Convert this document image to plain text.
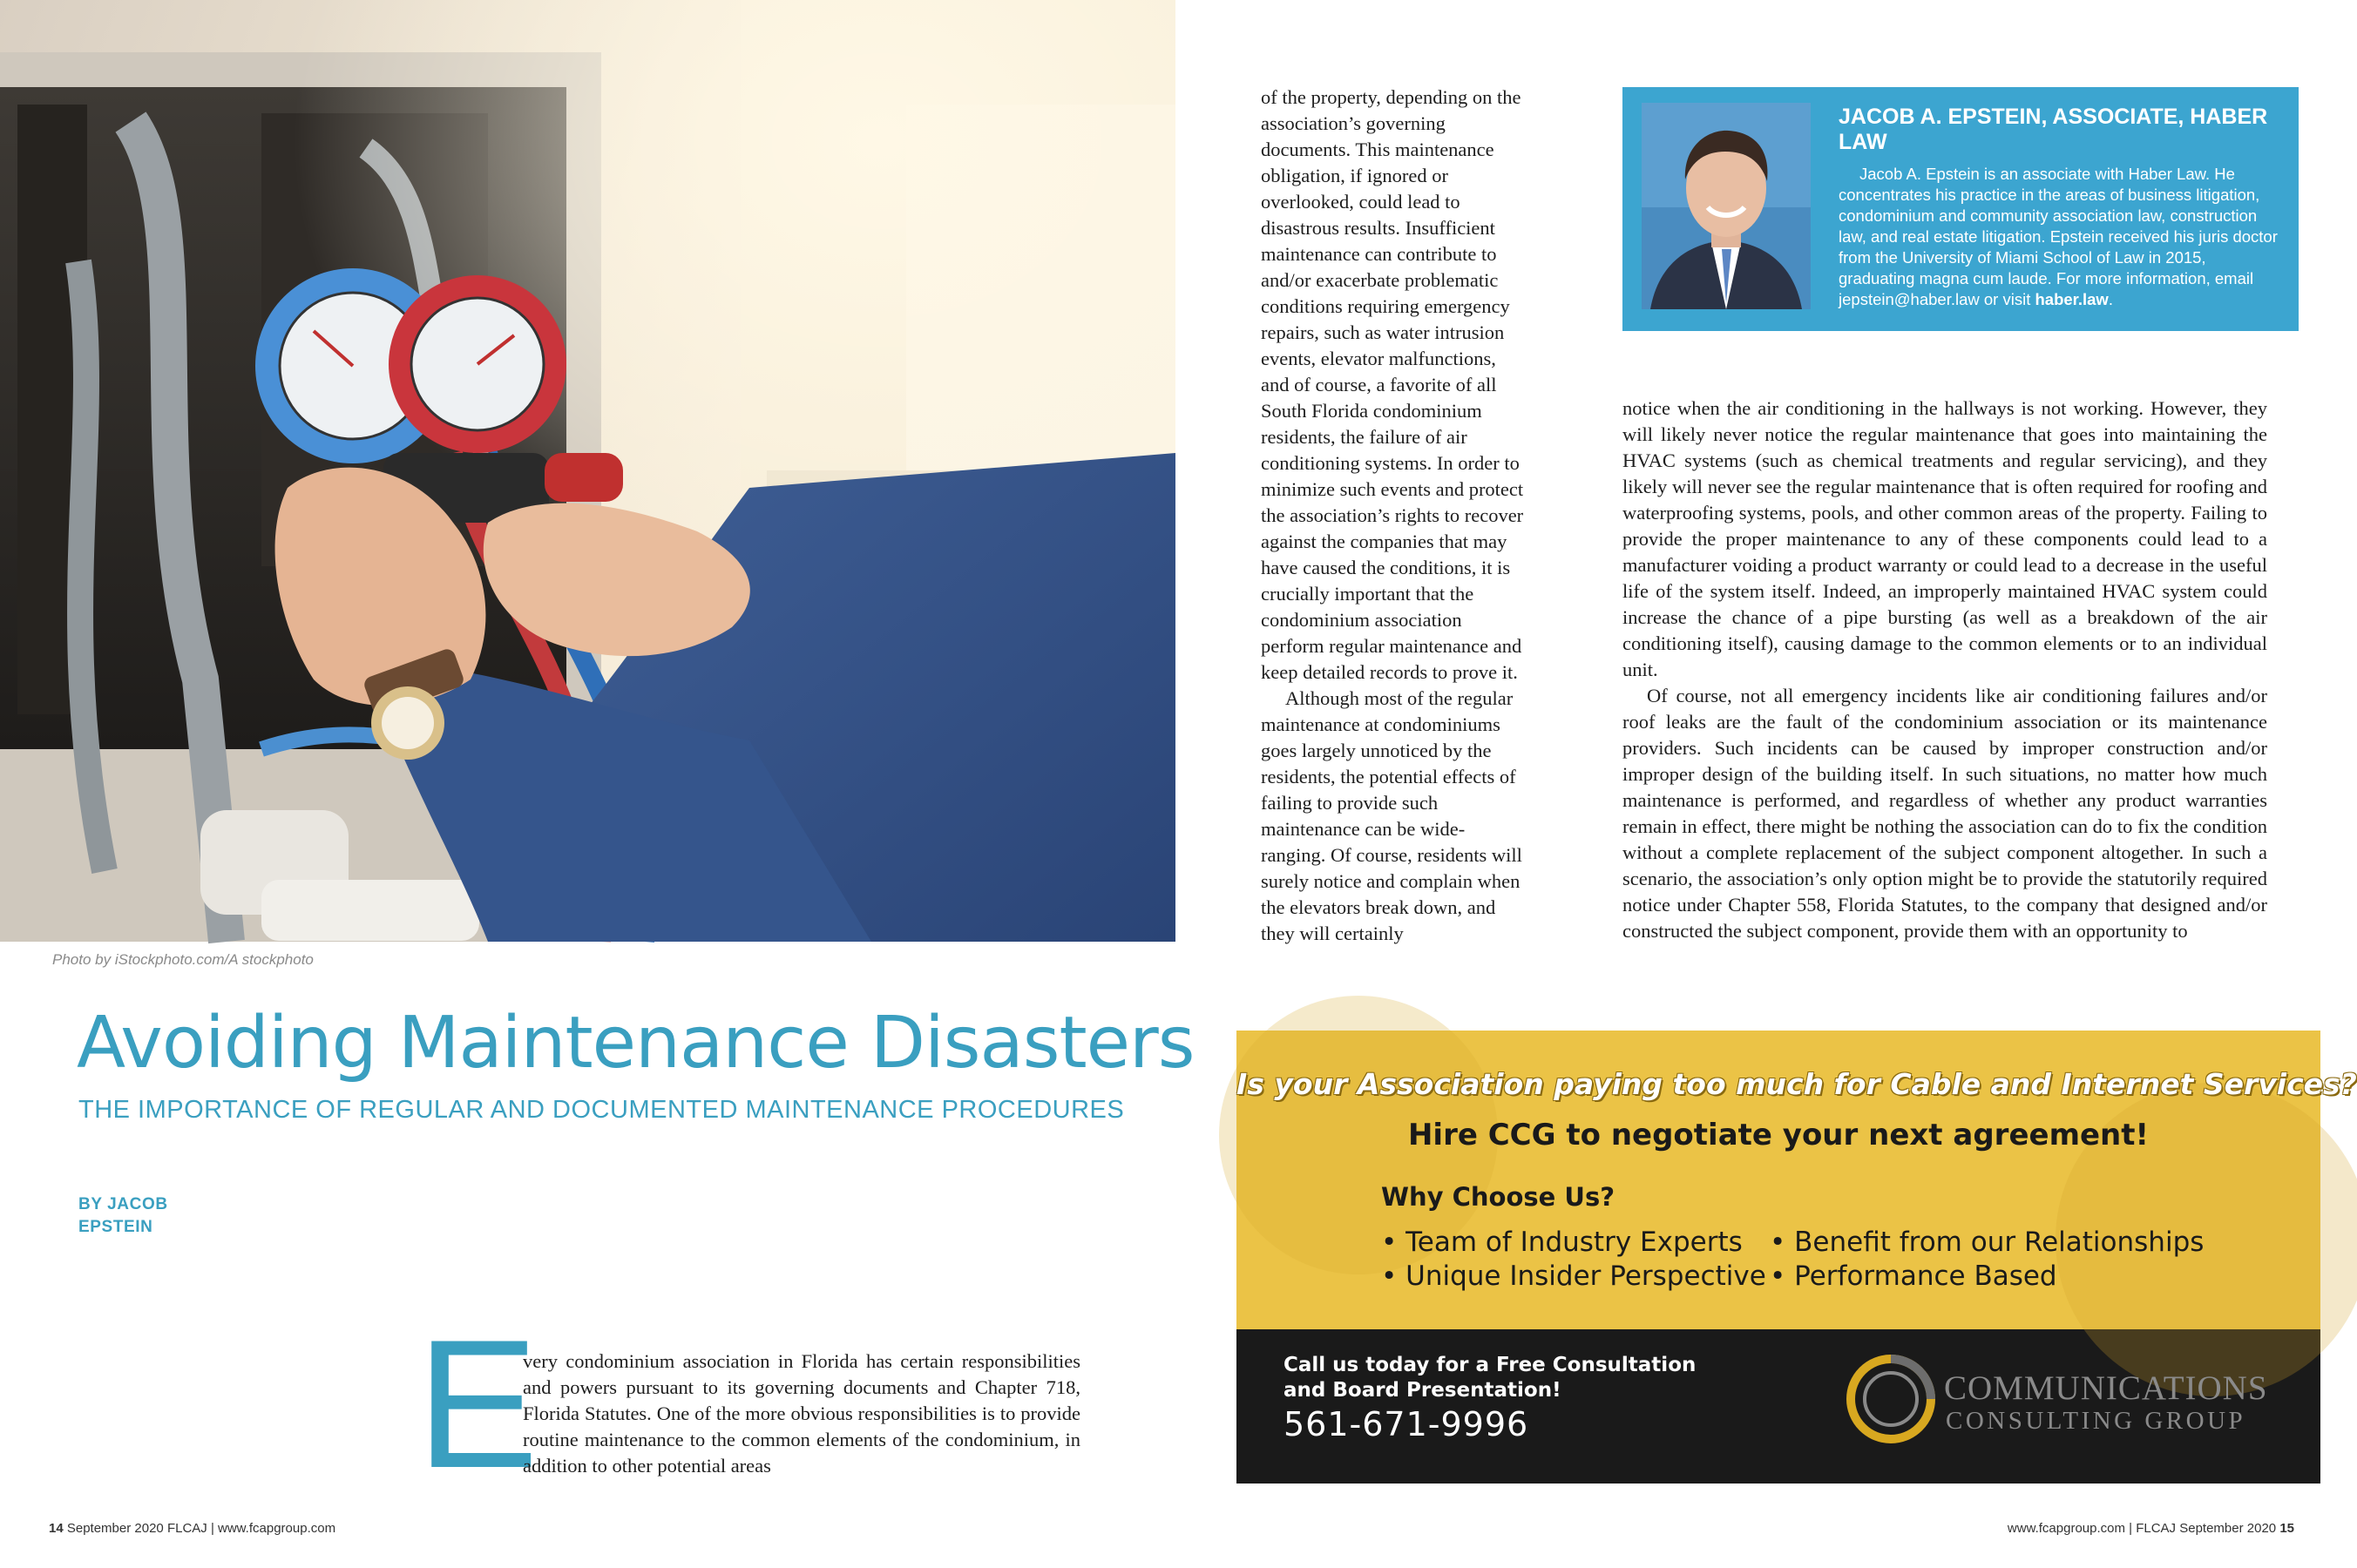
Photo by iStockphoto.com/A stockphoto
Avoiding Maintenance Disasters
THE IMPORTANCE OF REGULAR AND DOCUMENTED MAINTENANCE PROCEDURES
BY JACOB EPSTEIN
E
very condominium association in Florida has certain responsibilities and powers pursuant to its governing documents and Chapter 718, Florida Statutes. One of the more obvious responsibilities is to provide routine maintenance to the common elements of the condominium, in addition to other potential areas

of the property, depending on the association’s governing documents. This maintenance obligation, if ignored or overlooked, could lead to disastrous results. Insufficient maintenance can contribute to and/or exacerbate problematic conditions requiring emergency repairs, such as water intrusion events, elevator malfunctions, and of course, a favorite of all South Florida condominium residents, the failure of air conditioning systems. In order to minimize such events and protect the association’s rights to recover against the companies that may have caused the conditions, it is crucially important that the condominium association perform regular maintenance and keep detailed records to prove it.

Although most of the regular maintenance at condominiums goes largely unnoticed by the residents, the potential effects of failing to provide such maintenance can be wide-ranging. Of course, residents will surely notice and complain when the elevators break down, and they will certainly

JACOB A. EPSTEIN, ASSOCIATE, HABER LAW
Jacob A. Epstein is an associate with Haber Law. He concentrates his practice in the areas of business litigation, condominium and community association law, construction law, and real estate litigation. Epstein received his juris doctor from the University of Miami School of Law in 2015, graduating magna cum laude. For more information, email jepstein@haber.law or visit haber.law.

notice when the air conditioning in the hallways is not working. However, they will likely never notice the regular maintenance that goes into maintaining the HVAC systems (such as chemical treatments and regular servicing), and they likely will never see the regular maintenance that is often required for roofing and waterproofing systems, pools, and other common areas of the property. Failing to provide the proper maintenance to any of these components could lead to a manufacturer voiding a product warranty or could lead to a decrease in the useful life of the system itself. Indeed, an improperly maintained HVAC system could increase the chance of a pipe bursting (as well as a breakdown of the air conditioning itself), causing damage to the common elements or to an individual unit.

Of course, not all emergency incidents like air conditioning failures and/or roof leaks are the fault of the condominium association or its maintenance providers. Such incidents can be caused by improper construction and/or improper design of the building itself. In such situations, no matter how much maintenance is performed, and regardless of whether any product warranties remain in effect, there might be nothing the association can do to fix the condition without a complete replacement of the subject component altogether. In such a scenario, the association’s only option might be to provide the statutorily required notice under Chapter 558, Florida Statutes, to the company that designed and/or constructed the subject component, provide them with an opportunity to

Is your Association paying too much for Cable and Internet Services?
Hire CCG to negotiate your next agreement!
Why Choose Us?
• Team of Industry Experts
• Unique Insider Perspective
• Benefit from our Relationships
• Performance Based
Call us today for a Free Consultation and Board Presentation!
561-671-9996
COMMUNICATIONS
CONSULTING GROUP
14 September 2020 FLCAJ | www.fcapgroup.com	www.fcapgroup.com | FLCAJ September 2020 15
